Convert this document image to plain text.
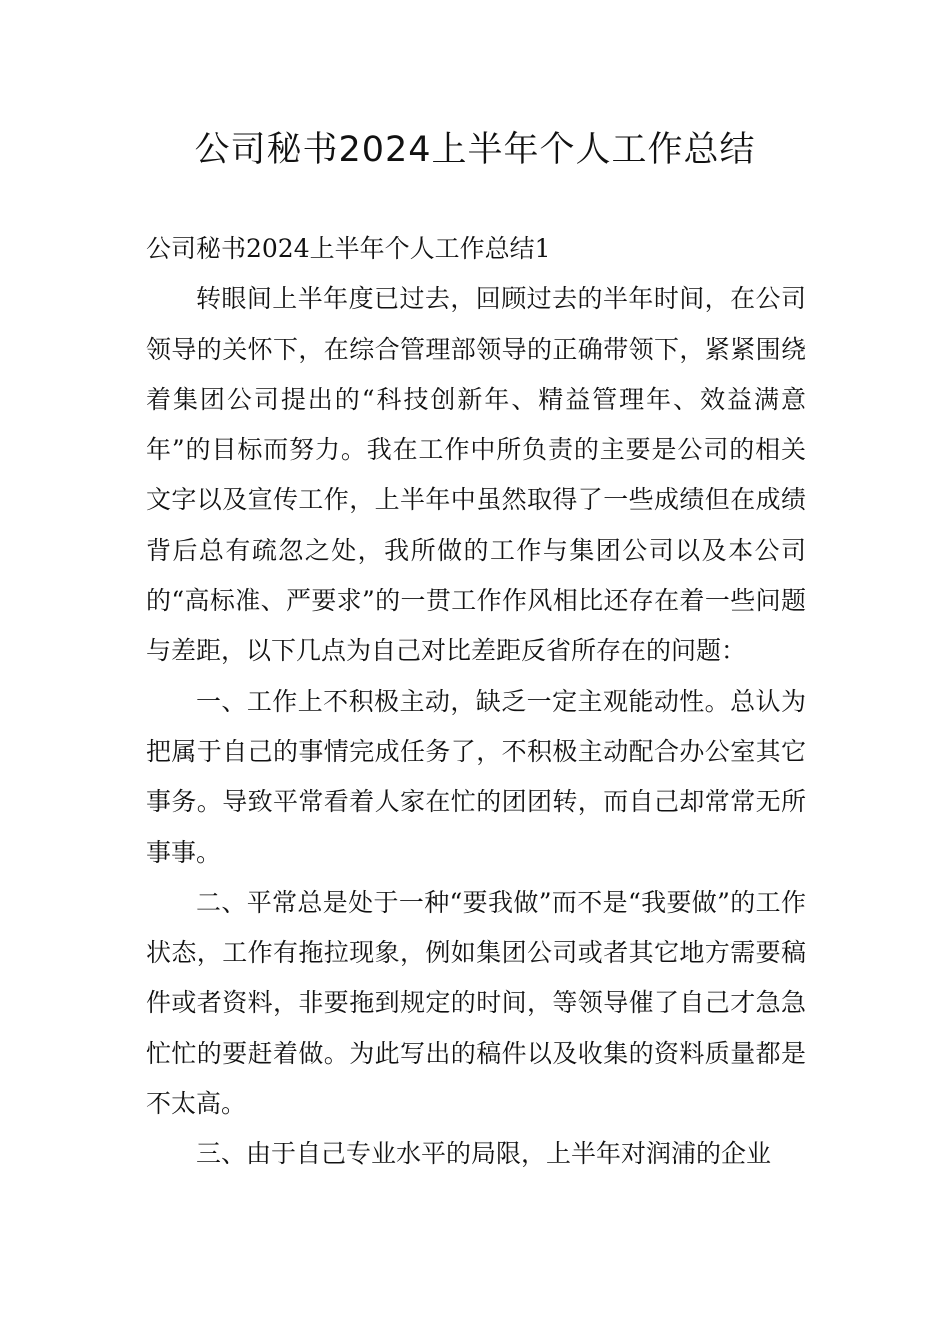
公司秘书2024上半年个人工作总结

公司秘书2024上半年个人工作总结1

转眼间上半年度已过去，回顾过去的半年时间，在公司领导的关怀下，在综合管理部领导的正确带领下，紧紧围绕着集团公司提出的“科技创新年、精益管理年、效益满意年”的目标而努力。我在工作中所负责的主要是公司的相关文字以及宣传工作，上半年中虽然取得了一些成绩但在成绩背后总有疏忽之处，我所做的工作与集团公司以及本公司的“高标准、严要求”的一贯工作作风相比还存在着一些问题与差距，以下几点为自己对比差距反省所存在的问题：

一、工作上不积极主动，缺乏一定主观能动性。总认为把属于自己的事情完成任务了，不积极主动配合办公室其它事务。导致平常看着人家在忙的团团转，而自己却常常无所事事。

二、平常总是处于一种“要我做”而不是“我要做”的工作状态，工作有拖拉现象，例如集团公司或者其它地方需要稿件或者资料，非要拖到规定的时间，等领导催了自己才急急忙忙的要赶着做。为此写出的稿件以及收集的资料质量都是不太高。

三、由于自己专业水平的局限，上半年对润浦的企业
